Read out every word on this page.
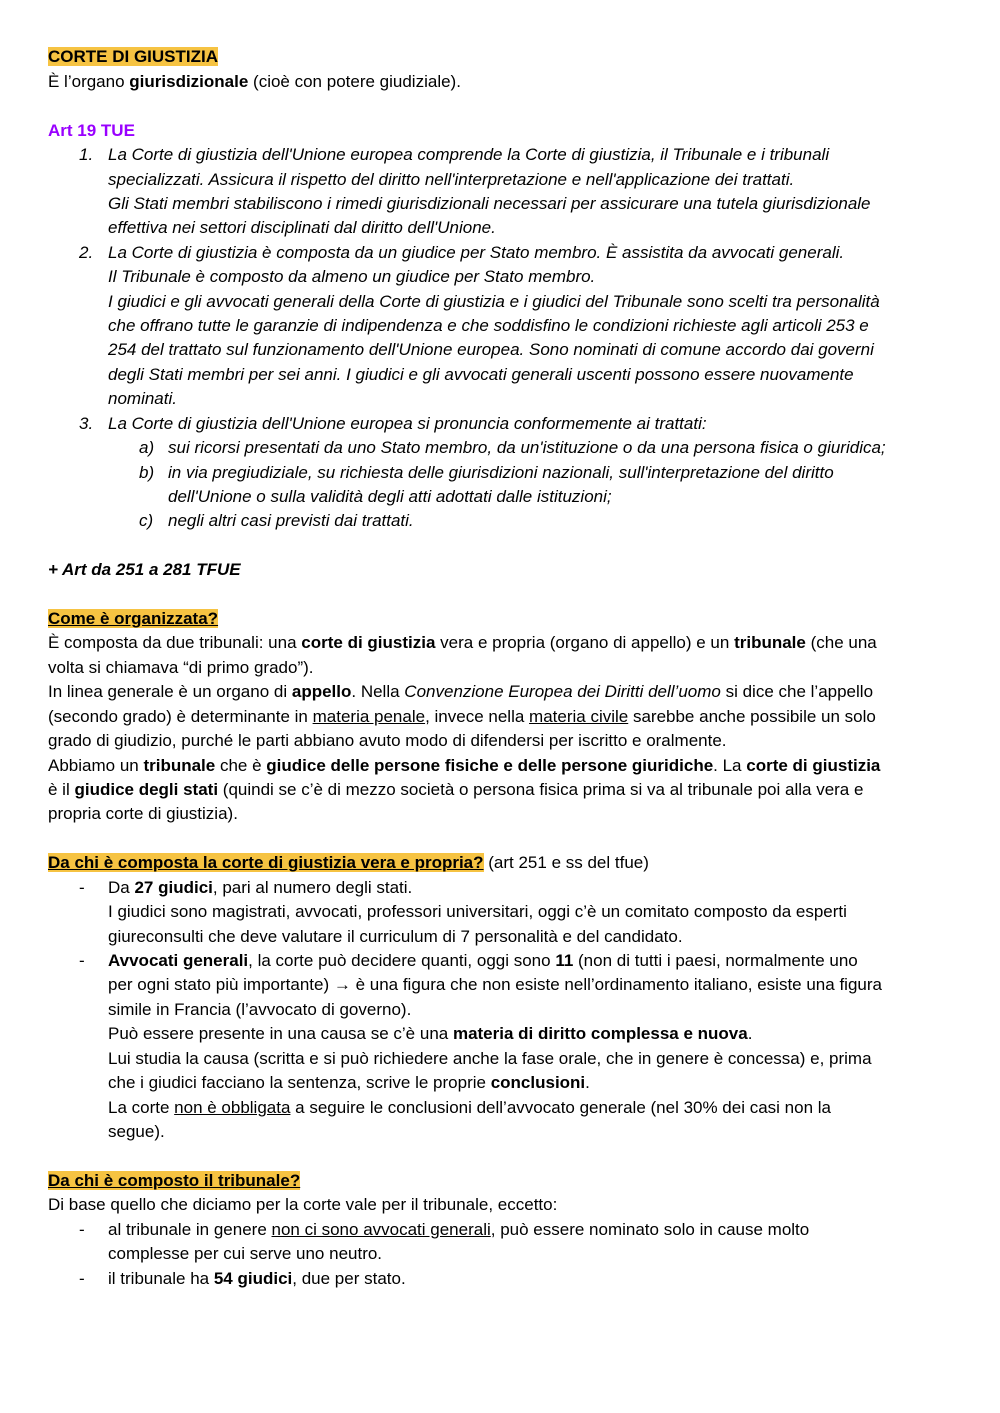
CORTE DI GIUSTIZIA
È l’organo giurisdizionale (cioè con potere giudiziale).
Art 19 TUE
1. La Corte di giustizia dell'Unione europea comprende la Corte di giustizia, il Tribunale e i tribunali
specializzati. Assicura il rispetto del diritto nell'interpretazione e nell'applicazione dei trattati.
Gli Stati membri stabiliscono i rimedi giurisdizionali necessari per assicurare una tutela giurisdizionale
effettiva nei settori disciplinati dal diritto dell'Unione.
2. La Corte di giustizia è composta da un giudice per Stato membro. È assistita da avvocati generali.
Il Tribunale è composto da almeno un giudice per Stato membro.
I giudici e gli avvocati generali della Corte di giustizia e i giudici del Tribunale sono scelti tra personalità
che offrano tutte le garanzie di indipendenza e che soddisfino le condizioni richieste agli articoli 253 e
254 del trattato sul funzionamento dell'Unione europea. Sono nominati di comune accordo dai governi
degli Stati membri per sei anni. I giudici e gli avvocati generali uscenti possono essere nuovamente
nominati.
3. La Corte di giustizia dell'Unione europea si pronuncia conformemente ai trattati:
a) sui ricorsi presentati da uno Stato membro, da un'istituzione o da una persona fisica o giuridica;
b) in via pregiudiziale, su richiesta delle giurisdizioni nazionali, sull'interpretazione del diritto
dell'Unione o sulla validità degli atti adottati dalle istituzioni;
c) negli altri casi previsti dai trattati.
+ Art da 251 a 281 TFUE
Come è organizzata?
È composta da due tribunali: una corte di giustizia vera e propria (organo di appello) e un tribunale (che una
volta si chiamava “di primo grado”).
In linea generale è un organo di appello. Nella Convenzione Europea dei Diritti dell’uomo si dice che l’appello
(secondo grado) è determinante in materia penale, invece nella materia civile sarebbe anche possibile un solo
grado di giudizio, purché le parti abbiano avuto modo di difendersi per iscritto e oralmente.
Abbiamo un tribunale che è giudice delle persone fisiche e delle persone giuridiche. La corte di giustizia
è il giudice degli stati (quindi se c’è di mezzo società o persona fisica prima si va al tribunale poi alla vera e
propria corte di giustizia).
Da chi è composta la corte di giustizia vera e propria? (art 251 e ss del tfue)
- Da 27 giudici, pari al numero degli stati.
I giudici sono magistrati, avvocati, professori universitari, oggi c’è un comitato composto da esperti
giureconsulti che deve valutare il curriculum di 7 personalità e del candidato.
- Avvocati generali, la corte può decidere quanti, oggi sono 11 (non di tutti i paesi, normalmente uno
per ogni stato più importante) → è una figura che non esiste nell’ordinamento italiano, esiste una figura
simile in Francia (l’avvocato di governo).
Può essere presente in una causa se c’è una materia di diritto complessa e nuova.
Lui studia la causa (scritta e si può richiedere anche la fase orale, che in genere è concessa) e, prima
che i giudici facciano la sentenza, scrive le proprie conclusioni.
La corte non è obbligata a seguire le conclusioni dell’avvocato generale (nel 30% dei casi non la
segue).
Da chi è composto il tribunale?
Di base quello che diciamo per la corte vale per il tribunale, eccetto:
- al tribunale in genere non ci sono avvocati generali, può essere nominato solo in cause molto
complesse per cui serve uno neutro.
- il tribunale ha 54 giudici, due per stato.
